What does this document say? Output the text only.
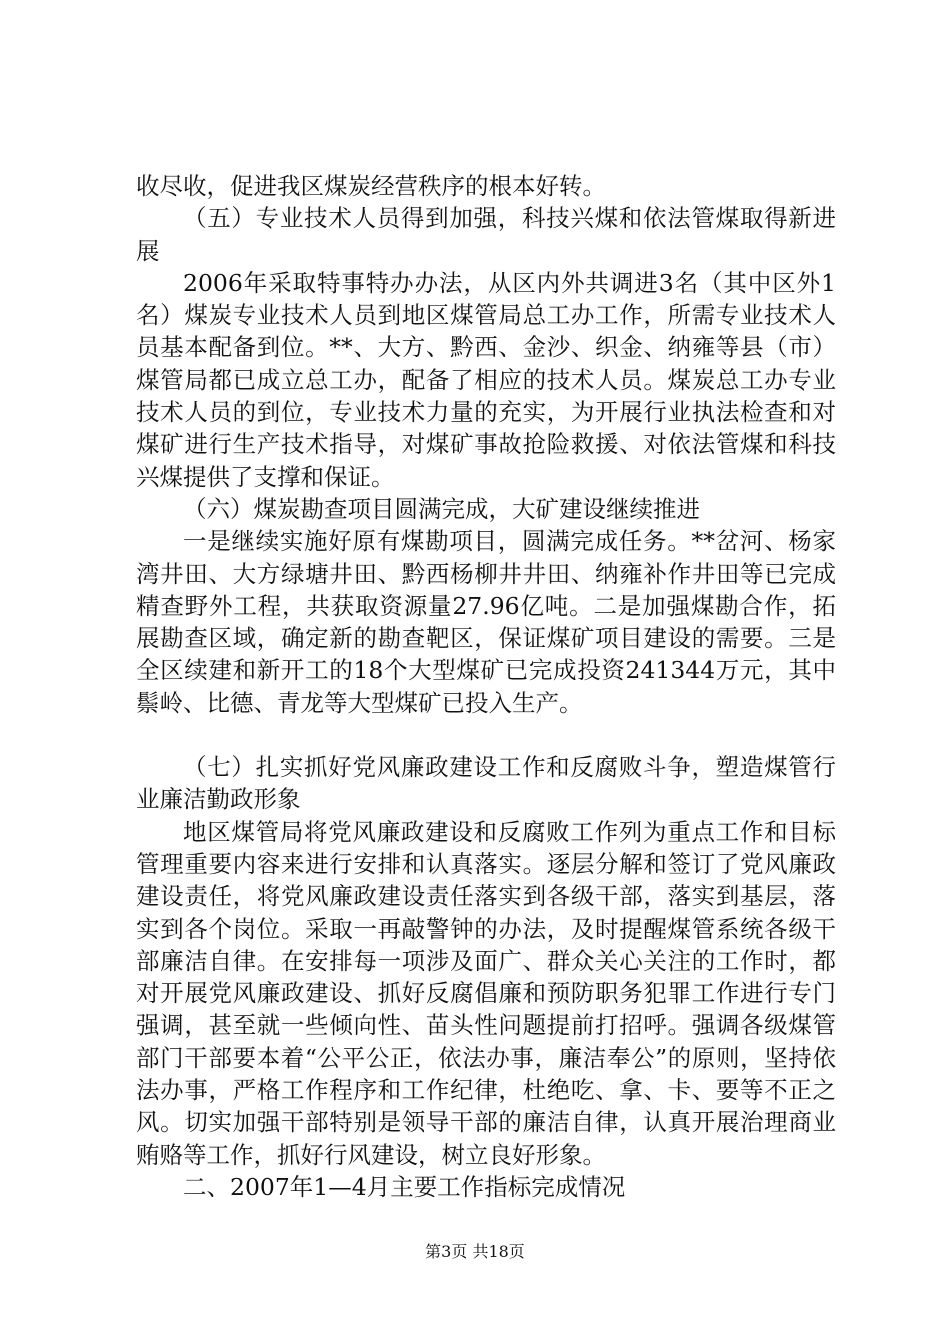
收尽收，促进我区煤炭经营秩序的根本好转。

（五）专业技术人员得到加强，科技兴煤和依法管煤取得新进展

2006年采取特事特办办法，从区内外共调进3名（其中区外1名）煤炭专业技术人员到地区煤管局总工办工作，所需专业技术人员基本配备到位。**、大方、黔西、金沙、织金、纳雍等县（市）煤管局都已成立总工办，配备了相应的技术人员。煤炭总工办专业技术人员的到位，专业技术力量的充实，为开展行业执法检查和对煤矿进行生产技术指导，对煤矿事故抢险救援、对依法管煤和科技兴煤提供了支撑和保证。

（六）煤炭勘查项目圆满完成，大矿建设继续推进

一是继续实施好原有煤勘项目，圆满完成任务。**岔河、杨家湾井田、大方绿塘井田、黔西杨柳井井田、纳雍补作井田等已完成精查野外工程，共获取资源量27.96亿吨。二是加强煤勘合作，拓展勘查区域，确定新的勘查靶区，保证煤矿项目建设的需要。三是全区续建和新开工的18个大型煤矿已完成投资241344万元，其中鬃岭、比德、青龙等大型煤矿已投入生产。

（七）扎实抓好党风廉政建设工作和反腐败斗争，塑造煤管行业廉洁勤政形象

地区煤管局将党风廉政建设和反腐败工作列为重点工作和目标管理重要内容来进行安排和认真落实。逐层分解和签订了党风廉政建设责任，将党风廉政建设责任落实到各级干部，落实到基层，落实到各个岗位。采取一再敲警钟的办法，及时提醒煤管系统各级干部廉洁自律。在安排每一项涉及面广、群众关心关注的工作时，都对开展党风廉政建设、抓好反腐倡廉和预防职务犯罪工作进行专门强调，甚至就一些倾向性、苗头性问题提前打招呼。强调各级煤管部门干部要本着“公平公正，依法办事，廉洁奉公”的原则，坚持依法办事，严格工作程序和工作纪律，杜绝吃、拿、卡、要等不正之风。切实加强干部特别是领导干部的廉洁自律，认真开展治理商业贿赂等工作，抓好行风建设，树立良好形象。

二、2007年1—4月主要工作指标完成情况

第3页 共18页
